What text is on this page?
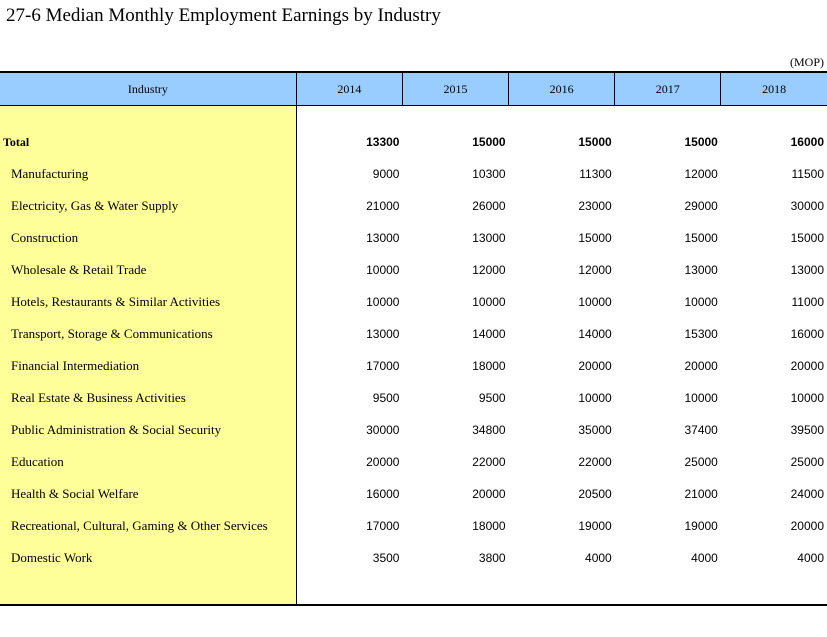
27-6 Median Monthly Employment Earnings by Industry
(MOP)
Industry	2014	2015	2016	2017	2018

Total	13300	15000	15000	15000	16000
Manufacturing	9000	10300	11300	12000	11500
Electricity, Gas & Water Supply	21000	26000	23000	29000	30000
Construction	13000	13000	15000	15000	15000
Wholesale & Retail Trade	10000	12000	12000	13000	13000
Hotels, Restaurants & Similar Activities	10000	10000	10000	10000	11000
Transport, Storage & Communications	13000	14000	14000	15300	16000
Financial Intermediation	17000	18000	20000	20000	20000
Real Estate & Business Activities	9500	9500	10000	10000	10000
Public Administration & Social Security	30000	34800	35000	37400	39500
Education	20000	22000	22000	25000	25000
Health & Social Welfare	16000	20000	20500	21000	24000
Recreational, Cultural, Gaming & Other Services	17000	18000	19000	19000	20000
Domestic Work	3500	3800	4000	4000	4000
